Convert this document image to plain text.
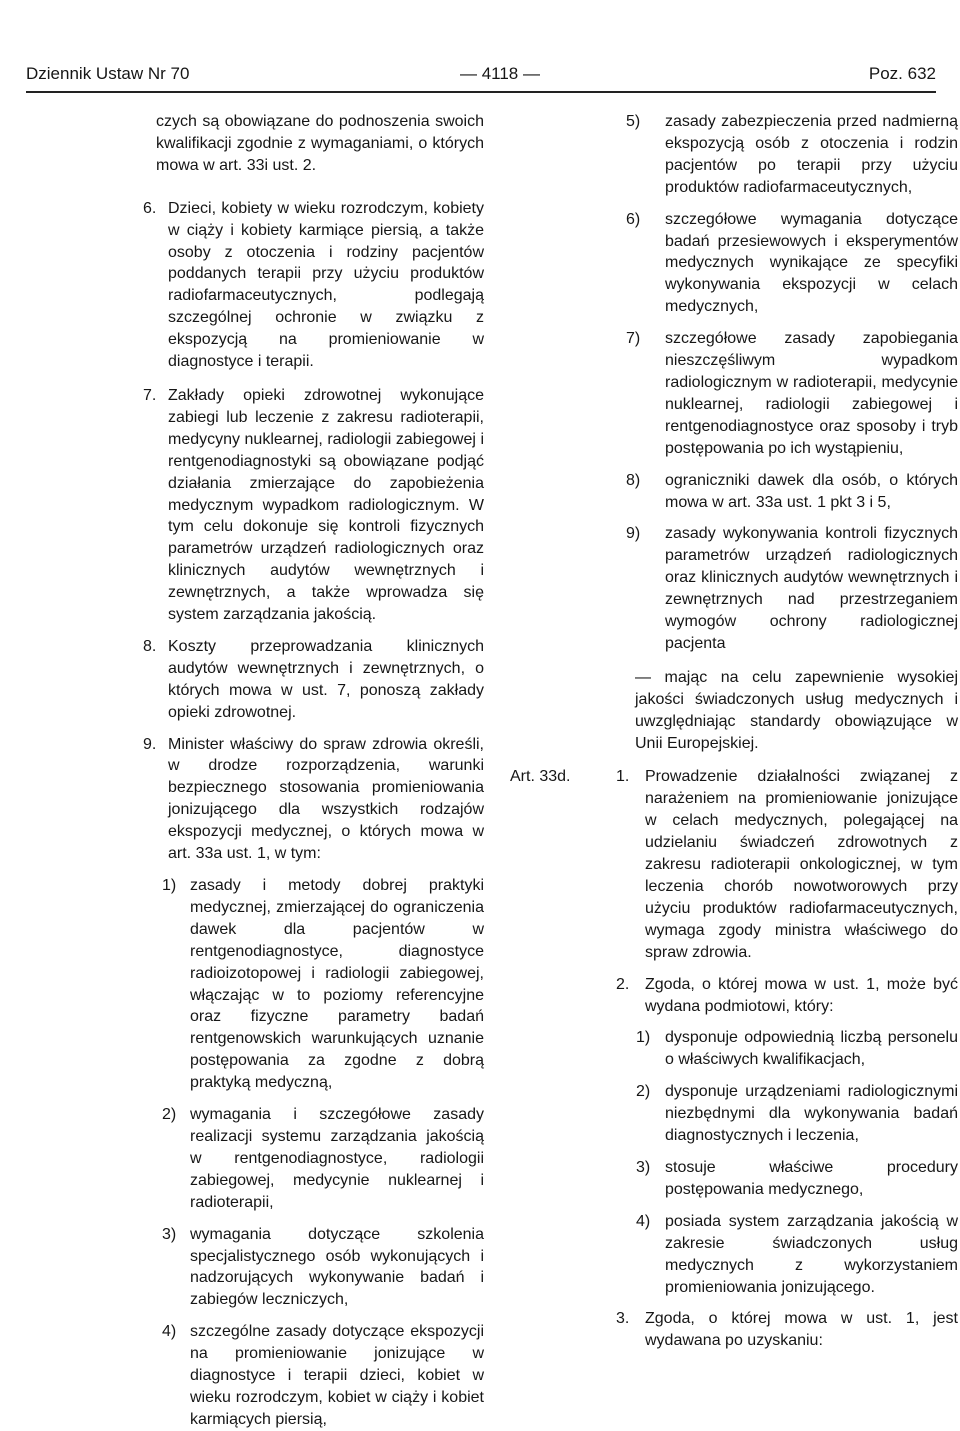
Dziennik Ustaw Nr 70	— 4118 —	Poz. 632

czych są obowiązane do podnoszenia swoich kwalifikacji zgodnie z wymaganiami, o których mowa w art. 33i ust. 2.

6. Dzieci, kobiety w wieku rozrodczym, kobiety w ciąży i kobiety karmiące piersią, a także osoby z otoczenia i rodziny pacjentów poddanych terapii przy użyciu produktów radiofarmaceutycznych, podlegają szczególnej ochronie w związku z ekspozycją na promieniowanie w diagnostyce i terapii.

7. Zakłady opieki zdrowotnej wykonujące zabiegi lub leczenie z zakresu radioterapii, medycyny nuklearnej, radiologii zabiegowej i rentgenodiagnostyki są obowiązane podjąć działania zmierzające do zapobieżenia medycznym wypadkom radiologicznym. W tym celu dokonuje się kontroli fizycznych parametrów urządzeń radiologicznych oraz klinicznych audytów wewnętrznych i zewnętrznych, a także wprowadza się system zarządzania jakością.

8. Koszty przeprowadzania klinicznych audytów wewnętrznych i zewnętrznych, o których mowa w ust. 7, ponoszą zakłady opieki zdrowotnej.

9. Minister właściwy do spraw zdrowia określi, w drodze rozporządzenia, warunki bezpiecznego stosowania promieniowania jonizującego dla wszystkich rodzajów ekspozycji medycznej, o których mowa w art. 33a ust. 1, w tym:

1) zasady i metody dobrej praktyki medycznej, zmierzającej do ograniczenia dawek dla pacjentów w rentgenodiagnostyce, diagnostyce radioizotopowej i radiologii zabiegowej, włączając w to poziomy referencyjne oraz fizyczne parametry badań rentgenowskich warunkujących uznanie postępowania za zgodne z dobrą praktyką medyczną,

2) wymagania i szczegółowe zasady realizacji systemu zarządzania jakością w rentgenodiagnostyce, radiologii zabiegowej, medycynie nuklearnej i radioterapii,

3) wymagania dotyczące szkolenia specjalistycznego osób wykonujących i nadzorujących wykonywanie badań i zabiegów leczniczych,

4) szczególne zasady dotyczące ekspozycji na promieniowanie jonizujące w diagnostyce i terapii dzieci, kobiet w wieku rozrodczym, kobiet w ciąży i kobiet karmiących piersią,

5) zasady zabezpieczenia przed nadmierną ekspozycją osób z otoczenia i rodzin pacjentów po terapii przy użyciu produktów radiofarmaceutycznych,

6) szczegółowe wymagania dotyczące badań przesiewowych i eksperymentów medycznych wynikające ze specyfiki wykonywania ekspozycji w celach medycznych,

7) szczegółowe zasady zapobiegania nieszczęśliwym wypadkom radiologicznym w radioterapii, medycynie nuklearnej, radiologii zabiegowej i rentgenodiagnostyce oraz sposoby i tryb postępowania po ich wystąpieniu,

8) ograniczniki dawek dla osób, o których mowa w art. 33a ust. 1 pkt 3 i 5,

9) zasady wykonywania kontroli fizycznych parametrów urządzeń radiologicznych oraz klinicznych audytów wewnętrznych i zewnętrznych nad przestrzeganiem wymogów ochrony radiologicznej pacjenta

— mając na celu zapewnienie wysokiej jakości świadczonych usług medycznych i uwzględniając standardy obowiązujące w Unii Europejskiej.

Art. 33d.	1. Prowadzenie działalności związanej z narażeniem na promieniowanie jonizujące w celach medycznych, polegającej na udzielaniu świadczeń zdrowotnych z zakresu radioterapii onkologicznej, w tym leczenia chorób nowotworowych przy użyciu produktów radiofarmaceutycznych, wymaga zgody ministra właściwego do spraw zdrowia.

2. Zgoda, o której mowa w ust. 1, może być wydana podmiotowi, który:

1) dysponuje odpowiednią liczbą personelu o właściwych kwalifikacjach,

2) dysponuje urządzeniami radiologicznymi niezbędnymi dla wykonywania badań diagnostycznych i leczenia,

3) stosuje właściwe procedury postępowania medycznego,

4) posiada system zarządzania jakością w zakresie świadczonych usług medycznych z wykorzystaniem promieniowania jonizującego.

3. Zgoda, o której mowa w ust. 1, jest wydawana po uzyskaniu:
